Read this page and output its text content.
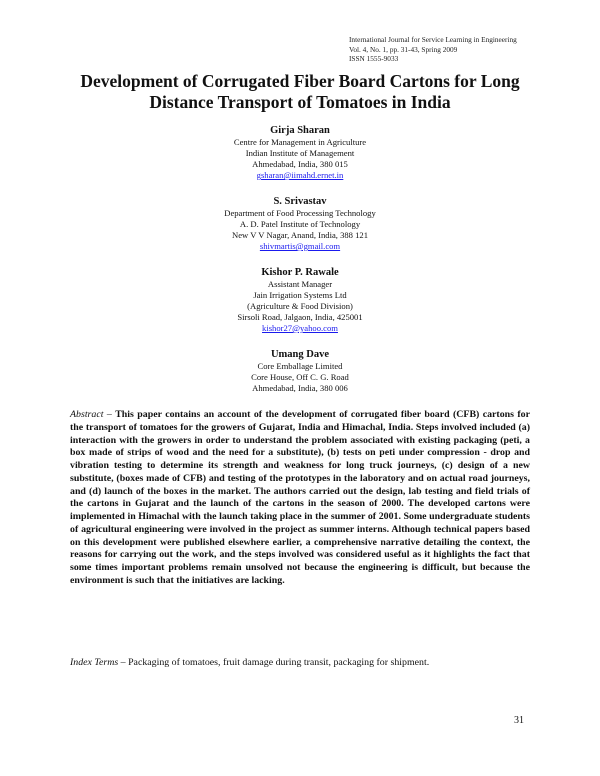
International Journal for Service Learning in Engineering
Vol. 4, No. 1, pp. 31-43, Spring 2009
ISSN 1555-9033
Development of Corrugated Fiber Board Cartons for Long
Distance Transport of Tomatoes in India
Girja Sharan
Centre for Management in Agriculture
Indian Institute of Management
Ahmedabad, India, 380 015
gsharan@iimahd.ernet.in
S. Srivastav
Department of Food Processing Technology
A. D. Patel Institute of Technology
New V V Nagar, Anand, India, 388 121
shivmartis@gmail.com
Kishor P. Rawale
Assistant Manager
Jain Irrigation Systems Ltd
(Agriculture & Food Division)
Sirsoli Road, Jalgaon, India, 425001
kishor27@yahoo.com
Umang Dave
Core Emballage Limited
Core House, Off C. G. Road
Ahmedabad, India, 380 006
Abstract – This paper contains an account of the development of corrugated fiber board (CFB) cartons for the transport of tomatoes for the growers of Gujarat, India and Himachal, India. Steps involved included (a) interaction with the growers in order to understand the problem associated with existing packaging (peti, a box made of strips of wood and the need for a substitute), (b) tests on peti under compression - drop and vibration testing to determine its strength and weakness for long truck journeys, (c) design of a new substitute, (boxes made of CFB) and testing of the prototypes in the laboratory and on actual road journeys, and (d) launch of the boxes in the market. The authors carried out the design, lab testing and field trials of the cartons in Gujarat and the launch of the cartons in the season of 2000. The developed cartons were implemented in Himachal with the launch taking place in the summer of 2001. Some undergraduate students of agricultural engineering were involved in the project as summer interns. Although technical papers based on this development were published elsewhere earlier, a comprehensive narrative detailing the context, the reasons for carrying out the work, and the steps involved was considered useful as it highlights the fact that some times important problems remain unsolved not because the engineering is difficult, but because the environment is such that the initiatives are lacking.
Index Terms – Packaging of tomatoes, fruit damage during transit, packaging for shipment.
31
